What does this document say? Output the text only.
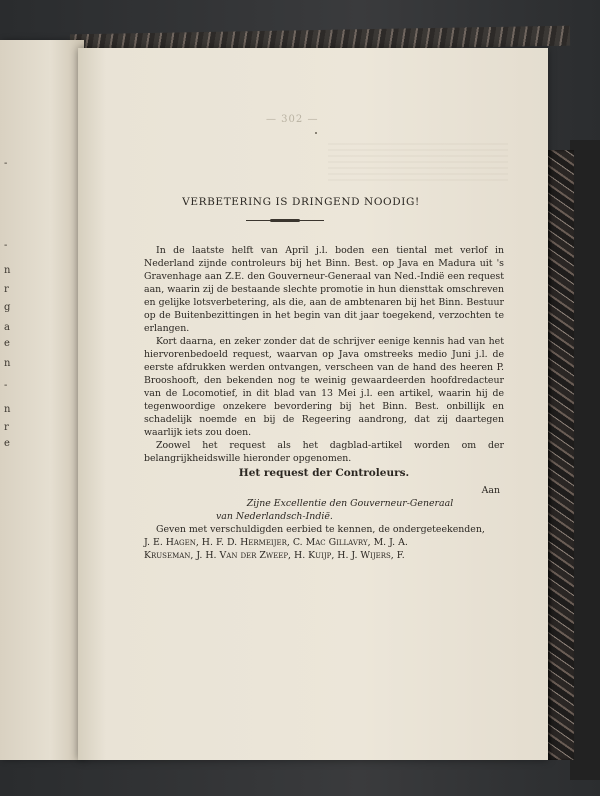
-
-
n
r
g
a
e
n
-
n
r
e
— 302 —
VERBETERING IS DRINGEND NOODIG!

In de laatste helft van April j.l. boden een tiental met verlof in Nederland zijnde controleurs bij het Binn. Best. op Java en Madura uit 's Gravenhage aan Z.E. den Gouverneur-Generaal van Ned.-Indië een request aan, waarin zij de bestaande slechte promotie in hun diensttak omschreven en gelijke lotsverbetering, als die, aan de ambtenaren bij het Binn. Bestuur op de Buitenbezittingen in het begin van dit jaar toegekend, verzochten te erlangen.

Kort daarna, en zeker zonder dat de schrijver eenige kennis had van het hiervorenbedoeld request, waarvan op Java omstreeks medio Juni j.l. de eerste afdrukken werden ontvangen, verscheen van de hand des heeren P. Brooshooft, den bekenden nog te weinig gewaardeerden hoofdredacteur van de Locomotief, in dit blad van 13 Mei j.l. een artikel, waarin hij de tegenwoordige onzekere bevordering bij het Binn. Best. onbillijk en schadelijk noemde en bij de Regeering aandrong, dat zij daartegen waarlijk iets zou doen.

Zoowel het request als het dagblad-artikel worden om der belangrijkheidswille hieronder opgenomen.

Het request der Controleurs.

Aan

Zijne Excellentie den Gouverneur-Generaal

van Nederlandsch-Indië.

Geven met verschuldigden eerbied te kennen, de ondergeteekenden,

J. E. Hagen, H. F. D. Hermeijer, C. Mac Gillavry, M. J. A.

Kruseman, J. H. Van der Zweep, H. Kuijp, H. J. Wijers, F.
